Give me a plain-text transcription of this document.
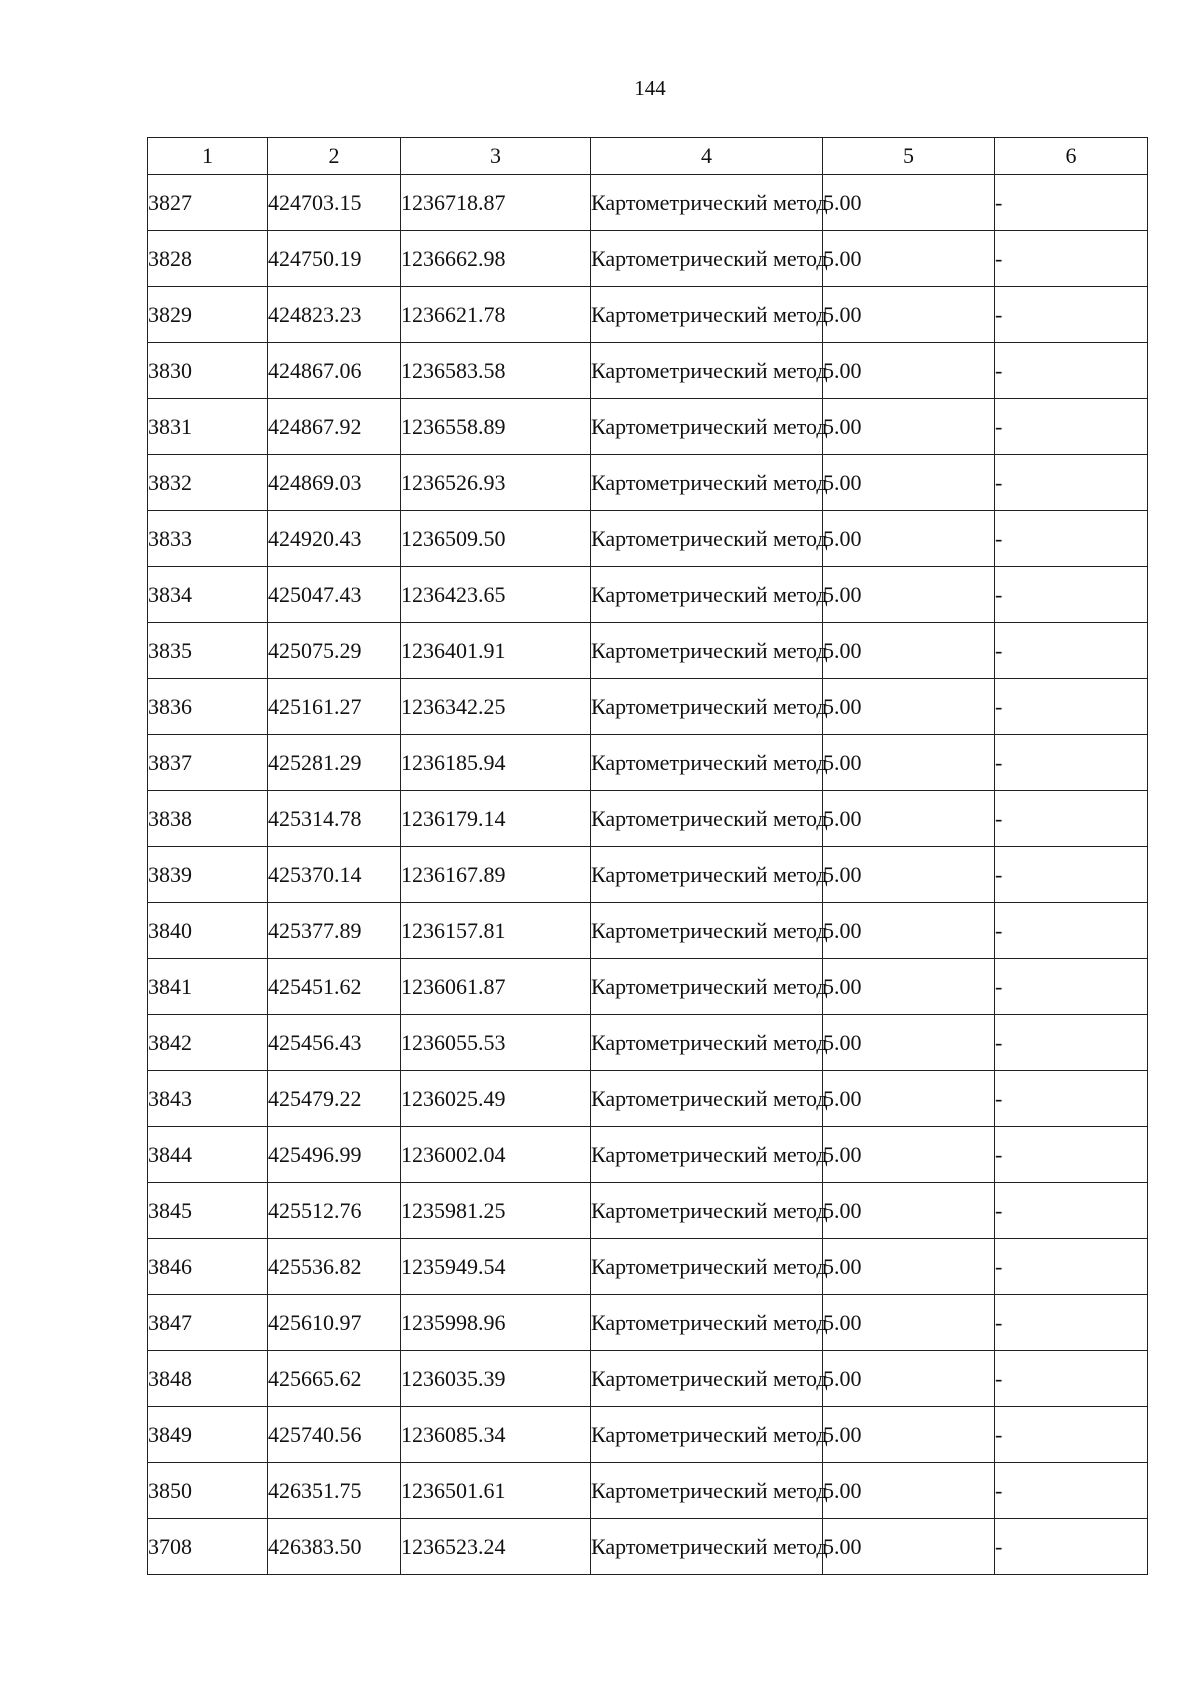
144
1	2	3	4	5	6
3827	424703.15	1236718.87	Картометрический метод	5.00	-
3828	424750.19	1236662.98	Картометрический метод	5.00	-
3829	424823.23	1236621.78	Картометрический метод	5.00	-
3830	424867.06	1236583.58	Картометрический метод	5.00	-
3831	424867.92	1236558.89	Картометрический метод	5.00	-
3832	424869.03	1236526.93	Картометрический метод	5.00	-
3833	424920.43	1236509.50	Картометрический метод	5.00	-
3834	425047.43	1236423.65	Картометрический метод	5.00	-
3835	425075.29	1236401.91	Картометрический метод	5.00	-
3836	425161.27	1236342.25	Картометрический метод	5.00	-
3837	425281.29	1236185.94	Картометрический метод	5.00	-
3838	425314.78	1236179.14	Картометрический метод	5.00	-
3839	425370.14	1236167.89	Картометрический метод	5.00	-
3840	425377.89	1236157.81	Картометрический метод	5.00	-
3841	425451.62	1236061.87	Картометрический метод	5.00	-
3842	425456.43	1236055.53	Картометрический метод	5.00	-
3843	425479.22	1236025.49	Картометрический метод	5.00	-
3844	425496.99	1236002.04	Картометрический метод	5.00	-
3845	425512.76	1235981.25	Картометрический метод	5.00	-
3846	425536.82	1235949.54	Картометрический метод	5.00	-
3847	425610.97	1235998.96	Картометрический метод	5.00	-
3848	425665.62	1236035.39	Картометрический метод	5.00	-
3849	425740.56	1236085.34	Картометрический метод	5.00	-
3850	426351.75	1236501.61	Картометрический метод	5.00	-
3708	426383.50	1236523.24	Картометрический метод	5.00	-
